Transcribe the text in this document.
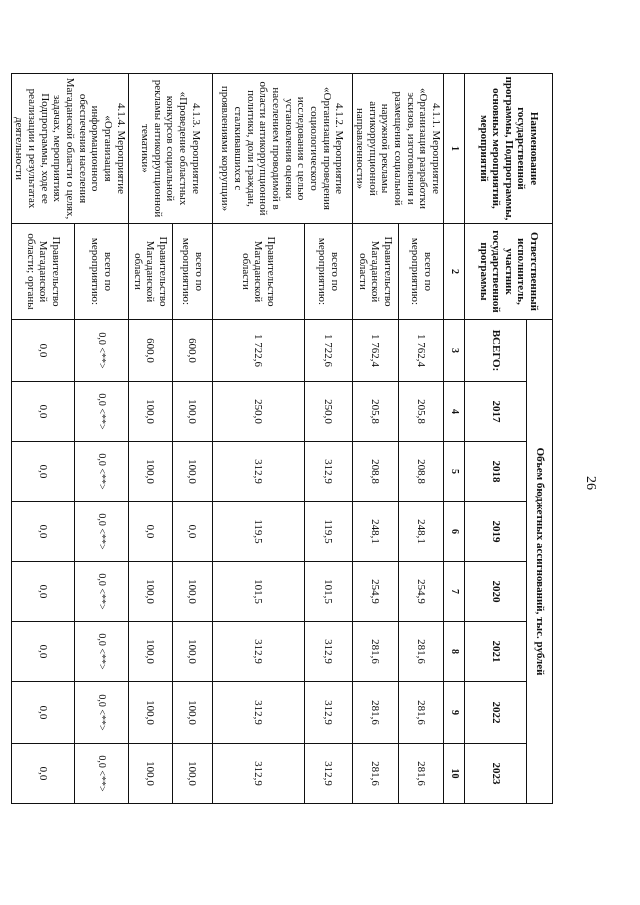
26
Наименование государственной программы, Подпрограммы, основных мероприятий, мероприятий	Ответственный исполнитель, участник государственной программы	Объем бюджетных ассигнований, тыс. рублей							
		ВСЕГО:	2017	2018	2019	2020	2021	2022	2023
1	2	3	4	5	6	7	8	9	10
4.1.1. Мероприятие «Организация разработки эскизов, изготовления и размещения социальной наружной рекламы антикоррупционной направленности»	всего по мероприятию:	1 762,4	205,8	208,8	248,1	254,9	281,6	281,6	281,6
	Правительство Магаданской области	1 762,4	205,8	208,8	248,1	254,9	281,6	281,6	281,6
4.1.2. Мероприятие «Организация проведения социологического исследования с целью установления оценки населением проводимой в области антикоррупционной политики, доли граждан, сталкивавшихся с проявлениями коррупции»	всего по мероприятию:	1 722,6	250,0	312,9	119,5	101,5	312,9	312,9	312,9
	Правительство Магаданской области	1 722,6	250,0	312,9	119,5	101,5	312,9	312,9	312,9
4.1.3. Мероприятие «Проведение областных конкурсов социальной рекламы антикоррупционной тематики»	всего по мероприятию:	600,0	100,0	100,0	0,0	100,0	100,0	100,0	100,0
	Правительство Магаданской области	600,0	100,0	100,0	0,0	100,0	100,0	100,0	100,0
4.1.4. Мероприятие «Организация информационного обеспечения населения Магаданской области о целях, задачах, мероприятиях Подпрограммы, ходе ее реализации и результатах деятельности	всего по мероприятию:	0,0 <**>	0,0 <**>	0,0 <**>	0,0 <**>	0,0 <**>	0,0 <**>	0,0 <**>	0,0 <**>
	Правительство Магаданской области; органы	0,0	0,0	0,0	0,0	0,0	0,0	0,0	0,0
